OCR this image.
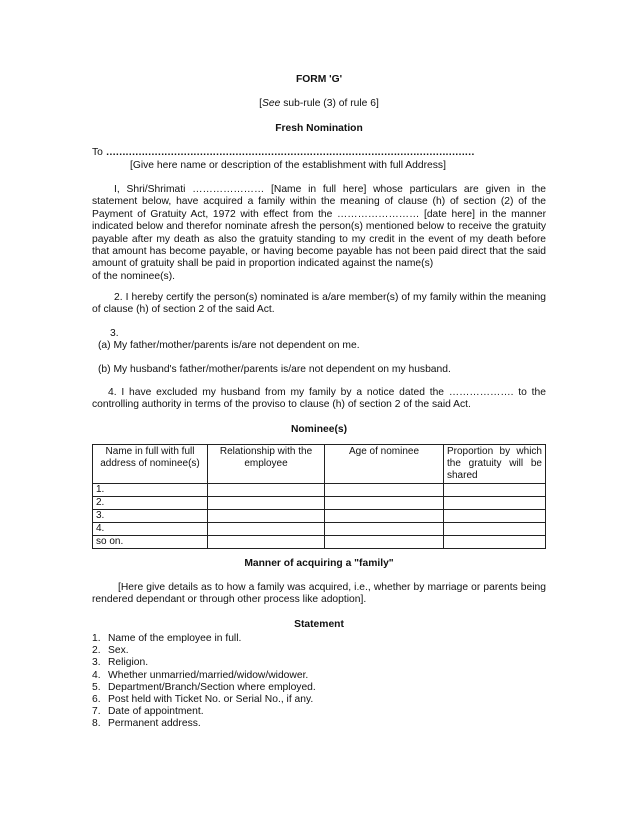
FORM 'G'
[See sub-rule (3) of rule 6]
Fresh Nomination
To ……………………………………………………………………………………………………
[Give here name or description of the establishment with full Address]

I, Shri/Shrimati ………………… [Name in full here] whose particulars are given in the statement below, have acquired a family within the meaning of clause (h) of section (2) of the Payment of Gratuity Act, 1972 with effect from the …………………… [date here] in the manner indicated below and therefor nominate afresh the person(s) mentioned below to receive the gratuity payable after my death as also the gratuity standing to my credit in the event of my death before that amount has become payable, or having become payable has not been paid direct that the said amount of gratuity shall be paid in proportion indicated against the name(s)

of the nominee(s).

2. I hereby certify the person(s) nominated is a/are member(s) of my family within the meaning of clause (h) of section 2 of the said Act.

3.
(a) My father/mother/parents is/are not dependent on me.
(b) My husband's father/mother/parents is/are not dependent on my husband.

4. I have excluded my husband from my family by a notice dated the ………………. to the controlling authority in terms of the proviso to clause (h) of section 2 of the said Act.

Nominee(s)
Name in full with full address of nominee(s)	Relationship with the employee	Age of nominee	Proportion by which the gratuity will be shared
1.			
2.			
3.			
4.			
so on.			
Manner of acquiring a "family"

[Here give details as to how a family was acquired, i.e., whether by marriage or parents being rendered dependant or through other process like adoption].

Statement
1. Name of the employee in full.
2. Sex.
3. Religion.
4. Whether unmarried/married/widow/widower.
5. Department/Branch/Section where employed.
6. Post held with Ticket No. or Serial No., if any.
7. Date of appointment.
8. Permanent address.
